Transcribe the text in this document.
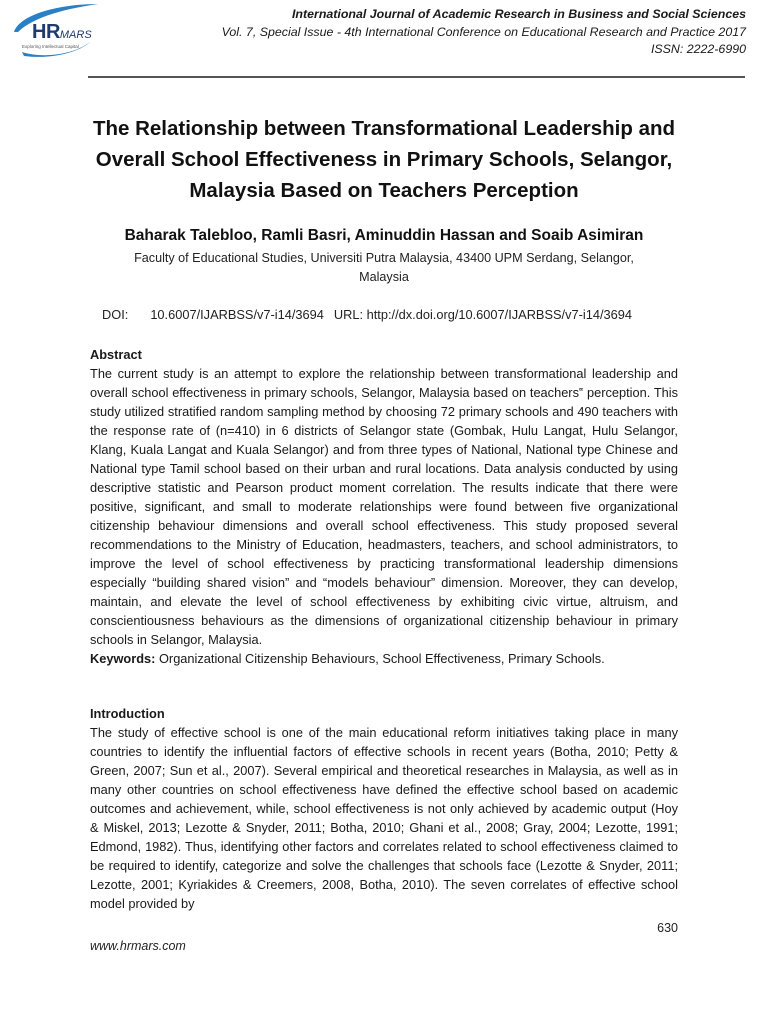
HRMARS
Exploring Intellectual Capital
International Journal of Academic Research in Business and Social Sciences
Vol. 7, Special Issue - 4th International Conference on Educational Research and Practice 2017
ISSN: 2222-6990
The Relationship between Transformational Leadership and Overall School Effectiveness in Primary Schools, Selangor, Malaysia Based on Teachers Perception
Baharak Talebloo, Ramli Basri, Aminuddin Hassan and Soaib Asimiran
Faculty of Educational Studies, Universiti Putra Malaysia, 43400 UPM Serdang, Selangor, Malaysia
DOI: 10.6007/IJARBSS/v7-i14/3694 URL: http://dx.doi.org/10.6007/IJARBSS/v7-i14/3694
Abstract

The current study is an attempt to explore the relationship between transformational leadership and overall school effectiveness in primary schools, Selangor, Malaysia based on teachers‟ perception. This study utilized stratified random sampling method by choosing 72 primary schools and 490 teachers with the response rate of (n=410) in 6 districts of Selangor state (Gombak, Hulu Langat, Hulu Selangor, Klang, Kuala Langat and Kuala Selangor) and from three types of National, National type Chinese and National type Tamil school based on their urban and rural locations. Data analysis conducted by using descriptive statistic and Pearson product moment correlation. The results indicate that there were positive, significant, and small to moderate relationships were found between five organizational citizenship behaviour dimensions and overall school effectiveness. This study proposed several recommendations to the Ministry of Education, headmasters, teachers, and school administrators, to improve the level of school effectiveness by practicing transformational leadership dimensions especially “building shared vision” and “models behaviour” dimension. Moreover, they can develop, maintain, and elevate the level of school effectiveness by exhibiting civic virtue, altruism, and conscientiousness behaviours as the dimensions of organizational citizenship behaviour in primary schools in Selangor, Malaysia.

Keywords: Organizational Citizenship Behaviours, School Effectiveness, Primary Schools.

Introduction

The study of effective school is one of the main educational reform initiatives taking place in many countries to identify the influential factors of effective schools in recent years (Botha, 2010; Petty & Green, 2007; Sun et al., 2007). Several empirical and theoretical researches in Malaysia, as well as in many other countries on school effectiveness have defined the effective school based on academic outcomes and achievement, while, school effectiveness is not only achieved by academic output (Hoy & Miskel, 2013; Lezotte & Snyder, 2011; Botha, 2010; Ghani et al., 2008; Gray, 2004; Lezotte, 1991; Edmond, 1982). Thus, identifying other factors and correlates related to school effectiveness claimed to be required to identify, categorize and solve the challenges that schools face (Lezotte & Snyder, 2011; Lezotte, 2001; Kyriakides & Creemers, 2008, Botha, 2010). The seven correlates of effective school model provided by

630
www.hrmars.com
